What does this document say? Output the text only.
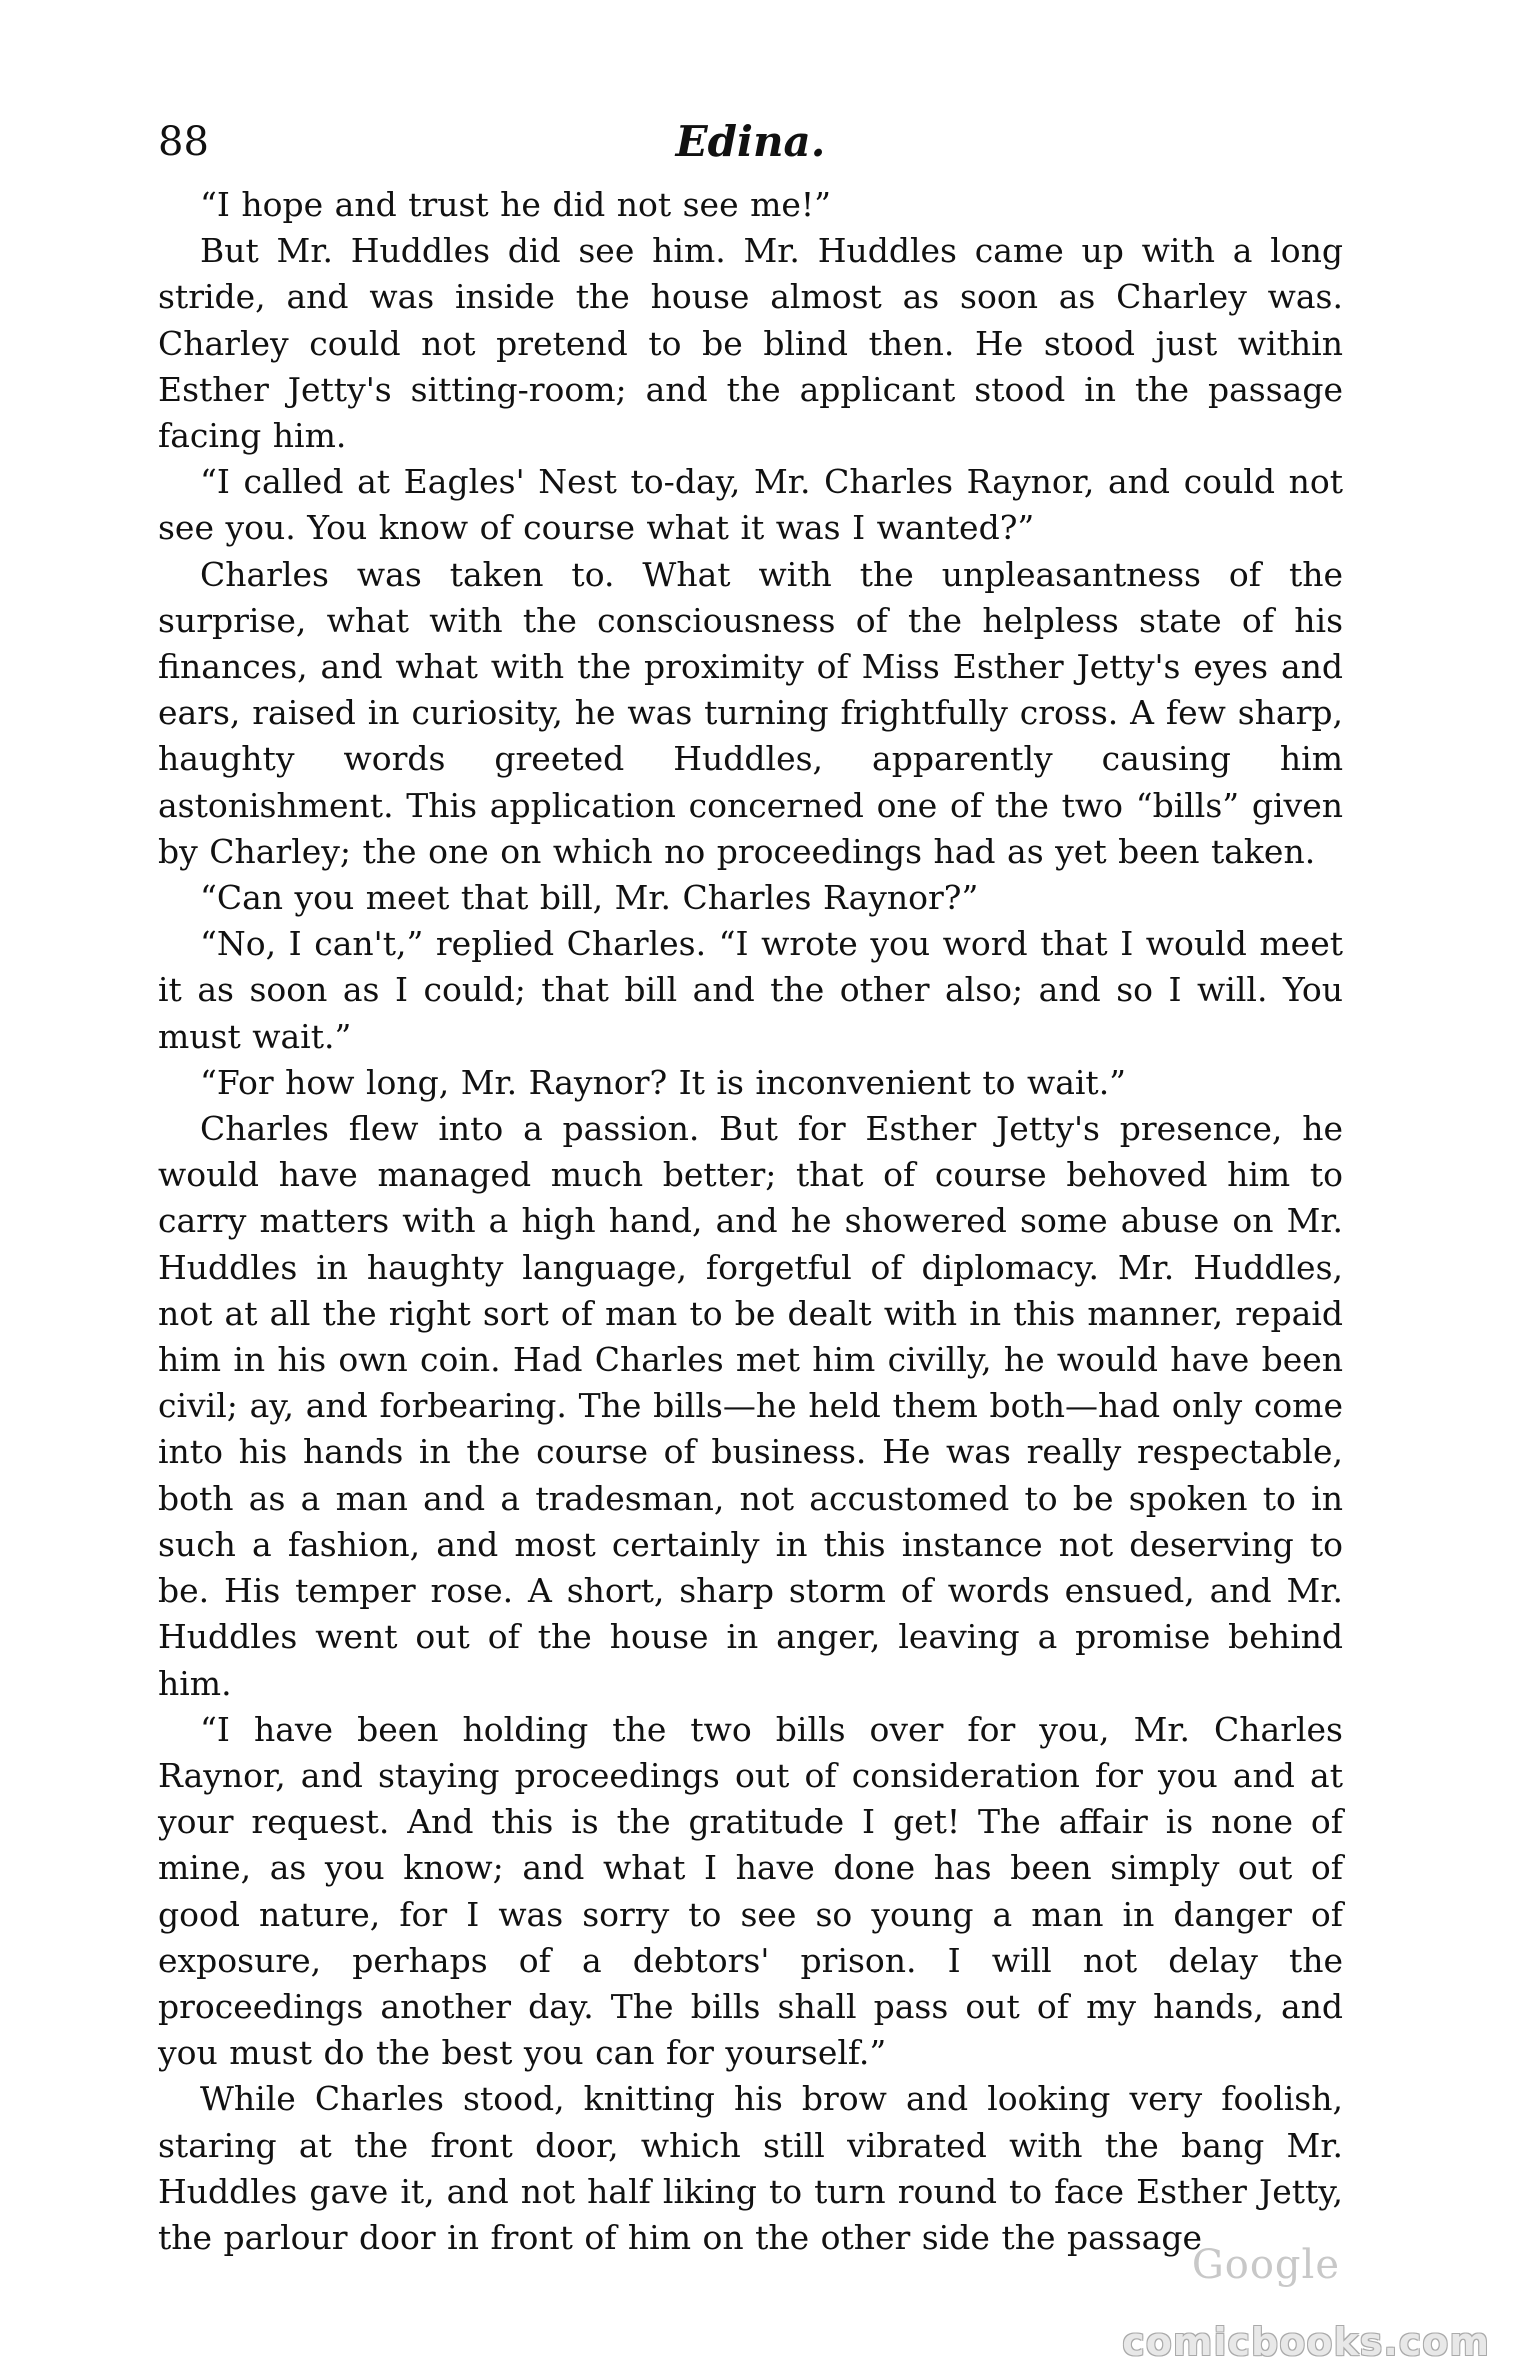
88	Edina.

“I hope and trust he did not see me!”

But Mr. Huddles did see him. Mr. Huddles came up with a long stride, and was inside the house almost as soon as Charley was. Charley could not pretend to be blind then. He stood just within Esther Jetty's sitting-room; and the applicant stood in the passage facing him.

“I called at Eagles' Nest to-day, Mr. Charles Raynor, and could not see you. You know of course what it was I wanted?”

Charles was taken to. What with the unpleasantness of the surprise, what with the consciousness of the helpless state of his finances, and what with the proximity of Miss Esther Jetty's eyes and ears, raised in curiosity, he was turning frightfully cross. A few sharp, haughty words greeted Huddles, apparently causing him astonishment. This application concerned one of the two “bills” given by Charley; the one on which no proceedings had as yet been taken.

“Can you meet that bill, Mr. Charles Raynor?”

“No, I can't,” replied Charles. “I wrote you word that I would meet it as soon as I could; that bill and the other also; and so I will. You must wait.”

“For how long, Mr. Raynor? It is inconvenient to wait.”

Charles flew into a passion. But for Esther Jetty's presence, he would have managed much better; that of course behoved him to carry matters with a high hand, and he showered some abuse on Mr. Huddles in haughty language, forgetful of diplomacy. Mr. Huddles, not at all the right sort of man to be dealt with in this manner, repaid him in his own coin. Had Charles met him civilly, he would have been civil; ay, and forbearing. The bills—he held them both—had only come into his hands in the course of business. He was really respectable, both as a man and a tradesman, not accustomed to be spoken to in such a fashion, and most certainly in this instance not deserving to be. His temper rose. A short, sharp storm of words ensued, and Mr. Huddles went out of the house in anger, leaving a promise behind him.

“I have been holding the two bills over for you, Mr. Charles Raynor, and staying proceedings out of consideration for you and at your request. And this is the gratitude I get! The affair is none of mine, as you know; and what I have done has been simply out of good nature, for I was sorry to see so young a man in danger of exposure, perhaps of a debtors' prison. I will not delay the proceedings another day. The bills shall pass out of my hands, and you must do the best you can for yourself.”

While Charles stood, knitting his brow and looking very foolish, staring at the front door, which still vibrated with the bang Mr. Huddles gave it, and not half liking to turn round to face Esther Jetty, the parlour door in front of him on the other side the passage

Google
comicbooks.com
